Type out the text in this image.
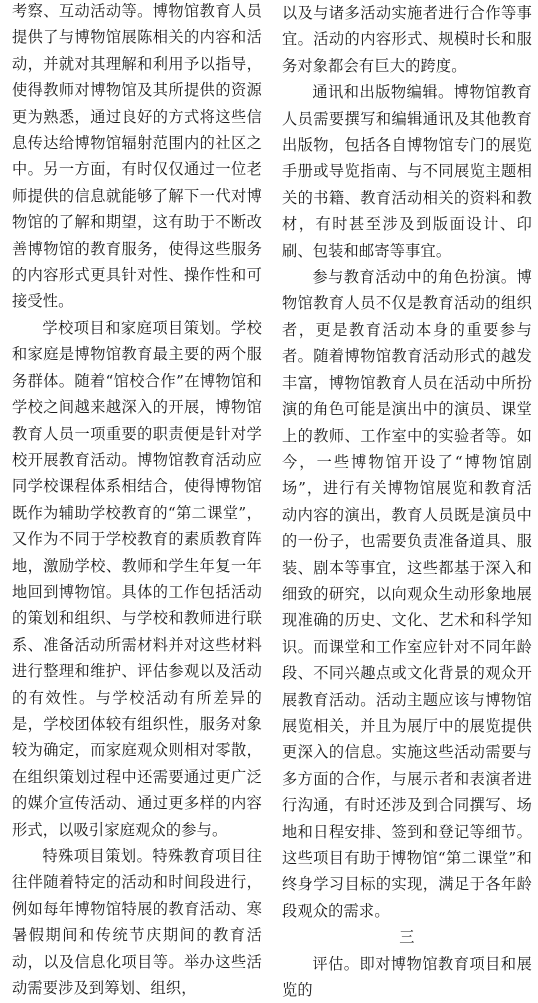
考察、互动活动等。博物馆教育人员提供了与博物馆展陈相关的内容和活动，并就对其理解和利用予以指导，使得教师对博物馆及其所提供的资源更为熟悉，通过良好的方式将这些信息传达给博物馆辐射范围内的社区之中。另一方面，有时仅仅通过一位老师提供的信息就能够了解下一代对博物馆的了解和期望，这有助于不断改善博物馆的教育服务，使得这些服务的内容形式更具针对性、操作性和可接受性。

学校项目和家庭项目策划。学校和家庭是博物馆教育最主要的两个服务群体。随着“馆校合作”在博物馆和学校之间越来越深入的开展，博物馆教育人员一项重要的职责便是针对学校开展教育活动。博物馆教育活动应同学校课程体系相结合，使得博物馆既作为辅助学校教育的“第二课堂”，又作为不同于学校教育的素质教育阵地，激励学校、教师和学生年复一年地回到博物馆。具体的工作包括活动的策划和组织、与学校和教师进行联系、准备活动所需材料并对这些材料进行整理和维护、评估参观以及活动的有效性。与学校活动有所差异的是，学校团体较有组织性，服务对象较为确定，而家庭观众则相对零散，在组织策划过程中还需要通过更广泛的媒介宣传活动、通过更多样的内容形式，以吸引家庭观众的参与。

特殊项目策划。特殊教育项目往往伴随着特定的活动和时间段进行，例如每年博物馆特展的教育活动、寒暑假期间和传统节庆期间的教育活动，以及信息化项目等。举办这些活动需要涉及到筹划、组织，

以及与诸多活动实施者进行合作等事宜。活动的内容形式、规模时长和服务对象都会有巨大的跨度。

通讯和出版物编辑。博物馆教育人员需要撰写和编辑通讯及其他教育出版物，包括各自博物馆专门的展览手册或导览指南、与不同展览主题相关的书籍、教育活动相关的资料和教材，有时甚至涉及到版面设计、印刷、包装和邮寄等事宜。

参与教育活动中的角色扮演。博物馆教育人员不仅是教育活动的组织者，更是教育活动本身的重要参与者。随着博物馆教育活动形式的越发丰富，博物馆教育人员在活动中所扮演的角色可能是演出中的演员、课堂上的教师、工作室中的实验者等。如今，一些博物馆开设了“博物馆剧场”，进行有关博物馆展览和教育活动内容的演出，教育人员既是演员中的一份子，也需要负责准备道具、服装、剧本等事宜，这些都基于深入和细致的研究，以向观众生动形象地展现准确的历史、文化、艺术和科学知识。而课堂和工作室应针对不同年龄段、不同兴趣点或文化背景的观众开展教育活动。活动主题应该与博物馆展览相关，并且为展厅中的展览提供更深入的信息。实施这些活动需要与多方面的合作，与展示者和表演者进行沟通，有时还涉及到合同撰写、场地和日程安排、签到和登记等细节。这些项目有助于博物馆“第二课堂”和终身学习目标的实现，满足于各年龄段观众的需求。

三

评估。即对博物馆教育项目和展览的
